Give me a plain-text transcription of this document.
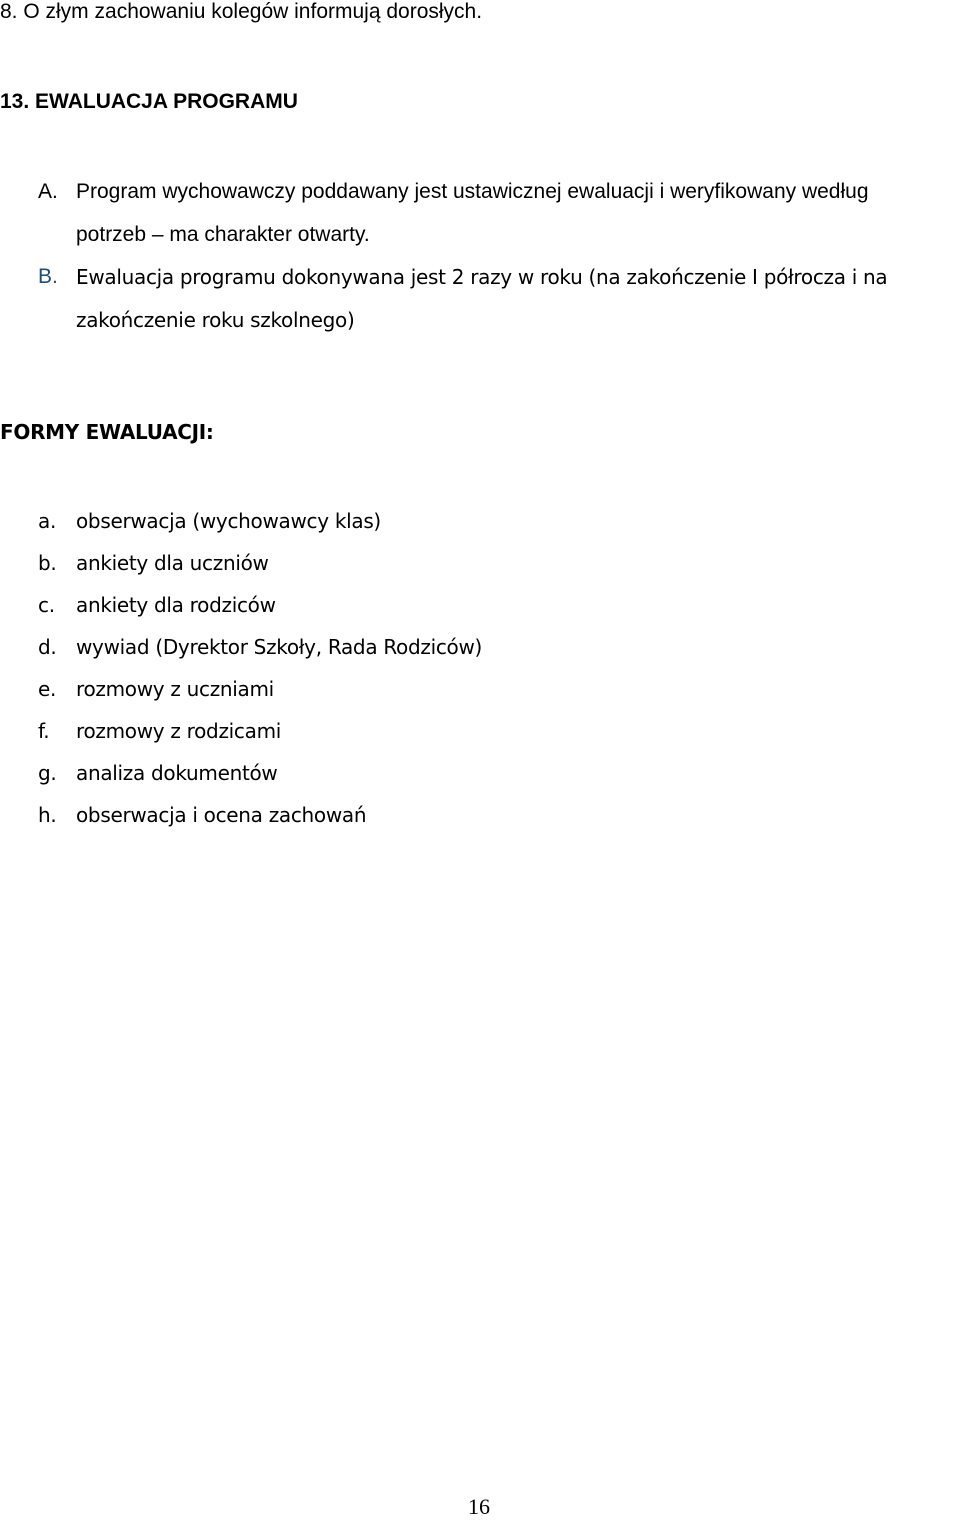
8. O złym zachowaniu kolegów informują dorosłych.
13. EWALUACJA PROGRAMU
A. Program wychowawczy poddawany jest ustawicznej ewaluacji i weryfikowany według
potrzeb – ma charakter otwarty.
B. Ewaluacja programu dokonywana jest 2 razy w roku (na zakończenie I półrocza i na
zakończenie roku szkolnego)
FORMY EWALUACJI:
a. obserwacja (wychowawcy klas)
b. ankiety dla uczniów
c. ankiety dla rodziców
d. wywiad (Dyrektor Szkoły, Rada Rodziców)
e. rozmowy z uczniami
f. rozmowy z rodzicami
g. analiza dokumentów
h. obserwacja i ocena zachowań
16
